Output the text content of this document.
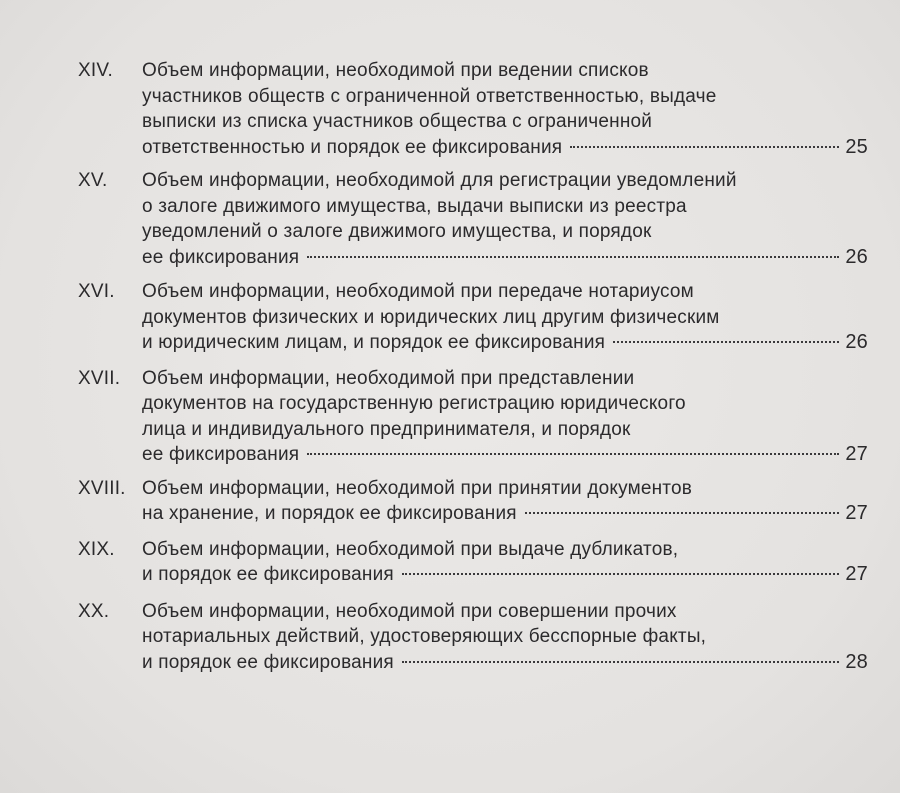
XIV.	Объем информации, необходимой при ведении списков
участников обществ с ограниченной ответственностью, выдаче
выписки из списка участников общества с ограниченной
ответственностью и порядок ее фиксирования	25
XV.	Объем информации, необходимой для регистрации уведомлений
о залоге движимого имущества, выдачи выписки из реестра
уведомлений о залоге движимого имущества, и порядок
ее фиксирования	26
XVI.	Объем информации, необходимой при передаче нотариусом
документов физических и юридических лиц другим физическим
и юридическим лицам, и порядок ее фиксирования	26
XVII.	Объем информации, необходимой при представлении
документов на государственную регистрацию юридического
лица и индивидуального предпринимателя, и порядок
ее фиксирования	27
XVIII. Объем информации, необходимой при принятии документов
на хранение, и порядок ее фиксирования	27
XIX.	Объем информации, необходимой при выдаче дубликатов,
и порядок ее фиксирования	27
XX.	Объем информации, необходимой при совершении прочих
нотариальных действий, удостоверяющих бесспорные факты,
и порядок ее фиксирования	28
